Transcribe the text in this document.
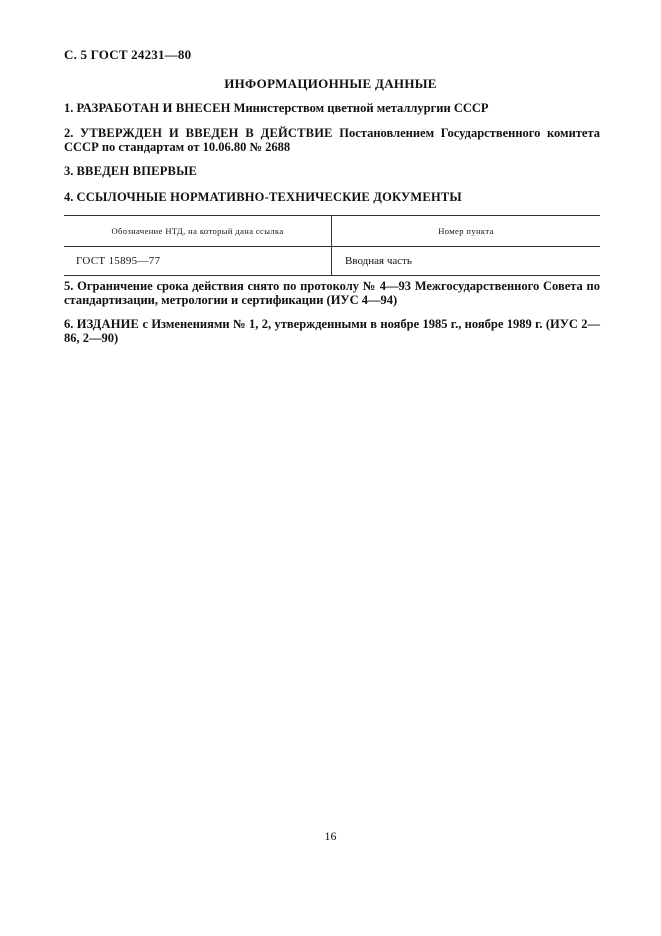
С. 5 ГОСТ 24231—80
ИНФОРМАЦИОННЫЕ ДАННЫЕ
1. РАЗРАБОТАН И ВНЕСЕН Министерством цветной металлургии СССР
2. УТВЕРЖДЕН И ВВЕДЕН В ДЕЙСТВИЕ Постановлением Государственного комитета СССР по стандартам от 10.06.80 № 2688
3. ВВЕДЕН ВПЕРВЫЕ
4. ССЫЛОЧНЫЕ НОРМАТИВНО-ТЕХНИЧЕСКИЕ ДОКУМЕНТЫ
Обозначение НТД, на который дана ссылка	Номер пункта
ГОСТ 15895—77	Вводная часть
5. Ограничение срока действия снято по протоколу № 4—93 Межгосударственного Совета по стандартизации, метрологии и сертификации (ИУС 4—94)
6. ИЗДАНИЕ с Изменениями № 1, 2, утвержденными в ноябре 1985 г., ноябре 1989 г. (ИУС 2—86, 2—90)
16
